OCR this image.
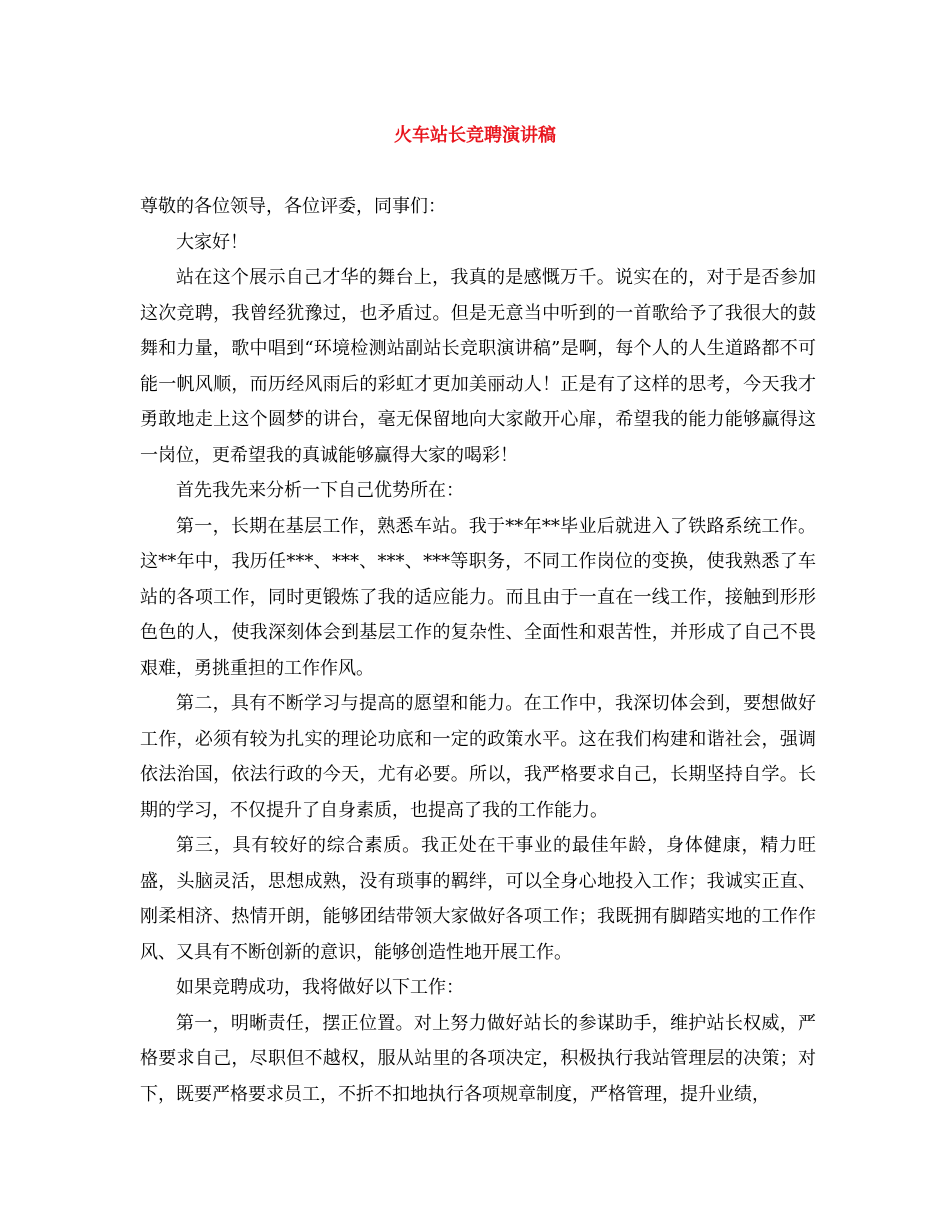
火车站长竞聘演讲稿

尊敬的各位领导，各位评委，同事们：

大家好！

站在这个展示自己才华的舞台上，我真的是感慨万千。说实在的，对于是否参加这次竞聘，我曾经犹豫过，也矛盾过。但是无意当中听到的一首歌给予了我很大的鼓舞和力量，歌中唱到“环境检测站副站长竞职演讲稿”是啊，每个人的人生道路都不可能一帆风顺，而历经风雨后的彩虹才更加美丽动人！正是有了这样的思考，今天我才勇敢地走上这个圆梦的讲台，毫无保留地向大家敞开心扉，希望我的能力能够赢得这一岗位，更希望我的真诚能够赢得大家的喝彩！

首先我先来分析一下自己优势所在：

第一，长期在基层工作，熟悉车站。我于**年**毕业后就进入了铁路系统工作。这**年中，我历任***、***、***、***等职务，不同工作岗位的变换，使我熟悉了车站的各项工作，同时更锻炼了我的适应能力。而且由于一直在一线工作，接触到形形色色的人，使我深刻体会到基层工作的复杂性、全面性和艰苦性，并形成了自己不畏艰难，勇挑重担的工作作风。

第二，具有不断学习与提高的愿望和能力。在工作中，我深切体会到，要想做好工作，必须有较为扎实的理论功底和一定的政策水平。这在我们构建和谐社会，强调依法治国，依法行政的今天，尤有必要。所以，我严格要求自己，长期坚持自学。长期的学习，不仅提升了自身素质，也提高了我的工作能力。

第三，具有较好的综合素质。我正处在干事业的最佳年龄，身体健康，精力旺盛，头脑灵活，思想成熟，没有琐事的羁绊，可以全身心地投入工作；我诚实正直、刚柔相济、热情开朗，能够团结带领大家做好各项工作；我既拥有脚踏实地的工作作风、又具有不断创新的意识，能够创造性地开展工作。

如果竞聘成功，我将做好以下工作：

第一，明晰责任，摆正位置。对上努力做好站长的参谋助手，维护站长权威，严格要求自己，尽职但不越权，服从站里的各项决定，积极执行我站管理层的决策；对下，既要严格要求员工，不折不扣地执行各项规章制度，严格管理，提升业绩，
